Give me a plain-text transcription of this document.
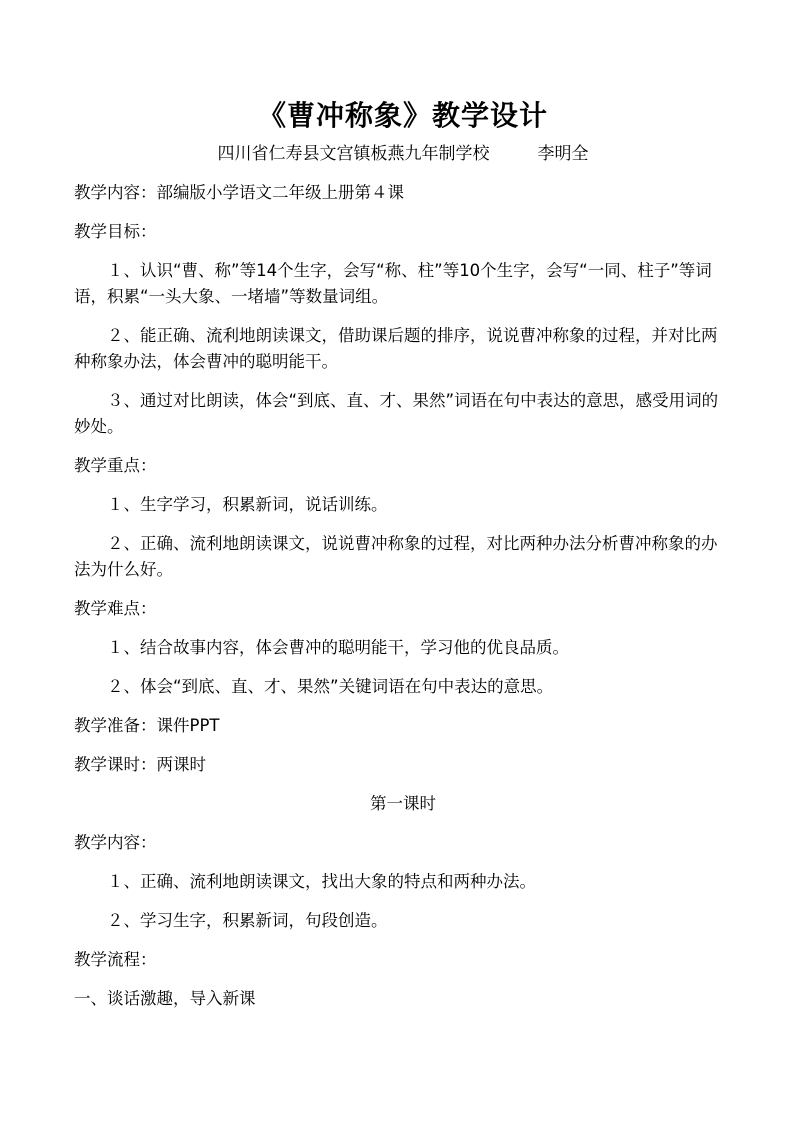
《曹冲称象》教学设计
四川省仁寿县文宫镇板燕九年制学校	李明全

教学内容：部编版小学语文二年级上册第４课

教学目标：

１、认识“曹、称”等14个生字，会写“称、柱”等10个生字，会写“一同、柱子”等词语，积累“一头大象、一堵墙”等数量词组。

２、能正确、流利地朗读课文，借助课后题的排序，说说曹冲称象的过程，并对比两种称象办法，体会曹冲的聪明能干。

３、通过对比朗读，体会“到底、直、才、果然”词语在句中表达的意思，感受用词的妙处。

教学重点：

１、生字学习，积累新词，说话训练。

２、正确、流利地朗读课文，说说曹冲称象的过程，对比两种办法分析曹冲称象的办法为什么好。

教学难点：

１、结合故事内容，体会曹冲的聪明能干，学习他的优良品质。

２、体会“到底、直、才、果然”关键词语在句中表达的意思。

教学准备：课件PPT

教学课时：两课时

第一课时

教学内容：

１、正确、流利地朗读课文，找出大象的特点和两种办法。

２、学习生字，积累新词，句段创造。

教学流程：

一、谈话激趣，导入新课
